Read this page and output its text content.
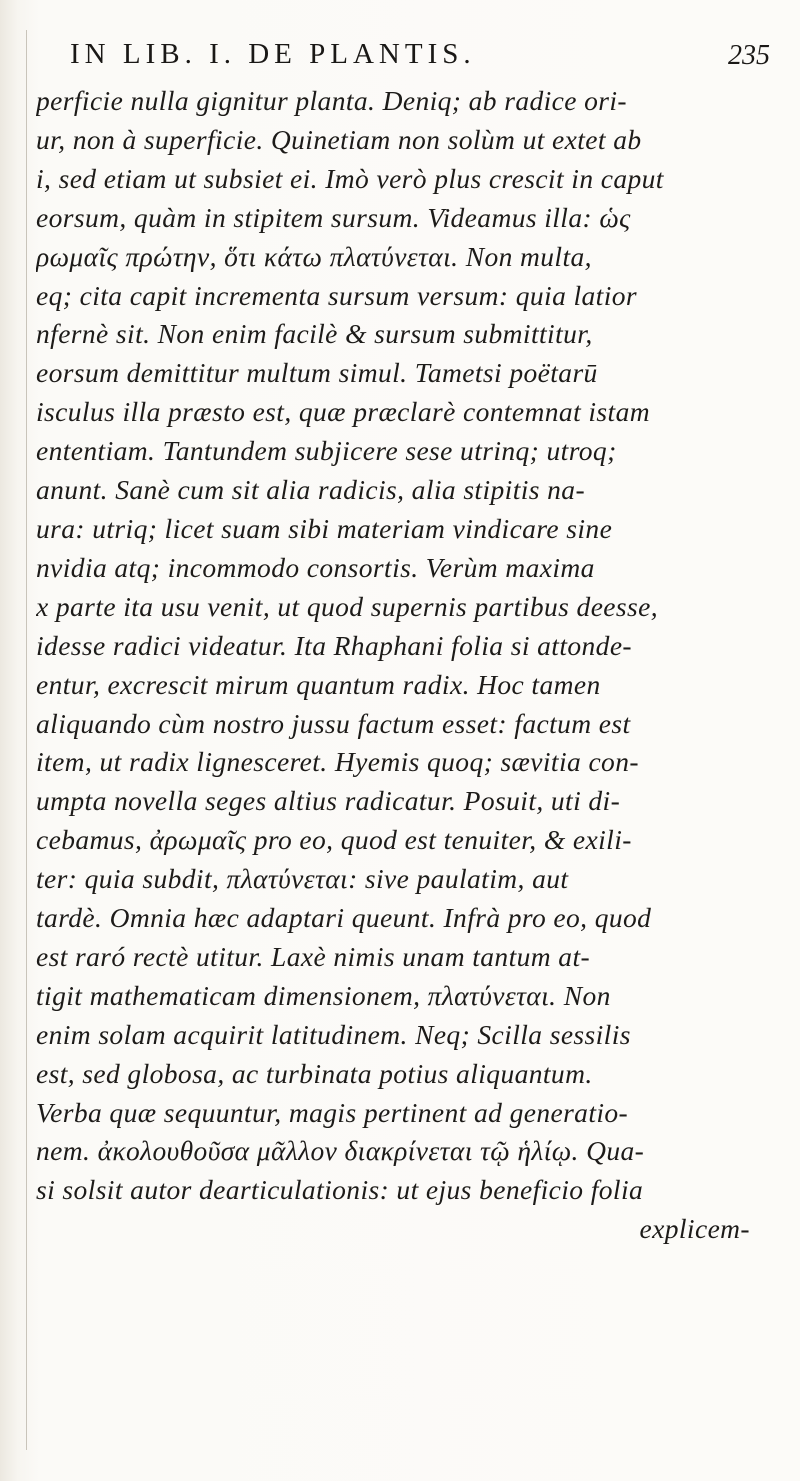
IN LIB. I. DE PLANTIS.	235
perficie nulla gignitur planta. Deniq; ab radice ori-
ur, non à superficie. Quinetiam non solùm ut extet ab
i, sed etiam ut subsiet ei. Imò verò plus crescit in caput
eorsum, quàm in stipitem sursum. Videamus illa: ὡς
ρωμαῖς πρώτην, ὅτι κάτω πλατύνεται. Non multa,
eq; cita capit incrementa sursum versum: quia latior
nfernè sit. Non enim facilè & sursum submittitur,
eorsum demittitur multum simul. Tametsi poëtarū
isculus illa præsto est, quæ præclarè contemnat istam
ententiam. Tantundem subjicere sese utrinq; utroq;
anunt. Sanè cum sit alia radicis, alia stipitis na-
ura: utriq; licet suam sibi materiam vindicare sine
nvidia atq; incommodo consortis. Verùm maxima
x parte ita usu venit, ut quod supernis partibus deesse,
idesse radici videatur. Ita Rhaphani folia si attonde-
entur, excrescit mirum quantum radix. Hoc tamen
aliquando cùm nostro jussu factum esset: factum est
item, ut radix lignesceret. Hyemis quoq; sævitia con-
umpta novella seges altius radicatur. Posuit, uti di-
cebamus, ἀρωμαῖς pro eo, quod est tenuiter, & exili-
ter: quia subdit, πλατύνεται: sive paulatim, aut
tardè. Omnia hæc adaptari queunt. Infrà pro eo, quod
est raró rectè utitur. Laxè nimis unam tantum at-
tigit mathematicam dimensionem, πλατύνεται. Non
enim solam acquirit latitudinem. Neq; Scilla sessilis
est, sed globosa, ac turbinata potius aliquantum.
Verba quæ sequuntur, magis pertinent ad generatio-
nem. ἀκολουθοῦσα μᾶλλον διακρίνεται τῷ ἡλίῳ. Qua-
si solsit autor dearticulationis: ut ejus beneficio folia
explicem-
